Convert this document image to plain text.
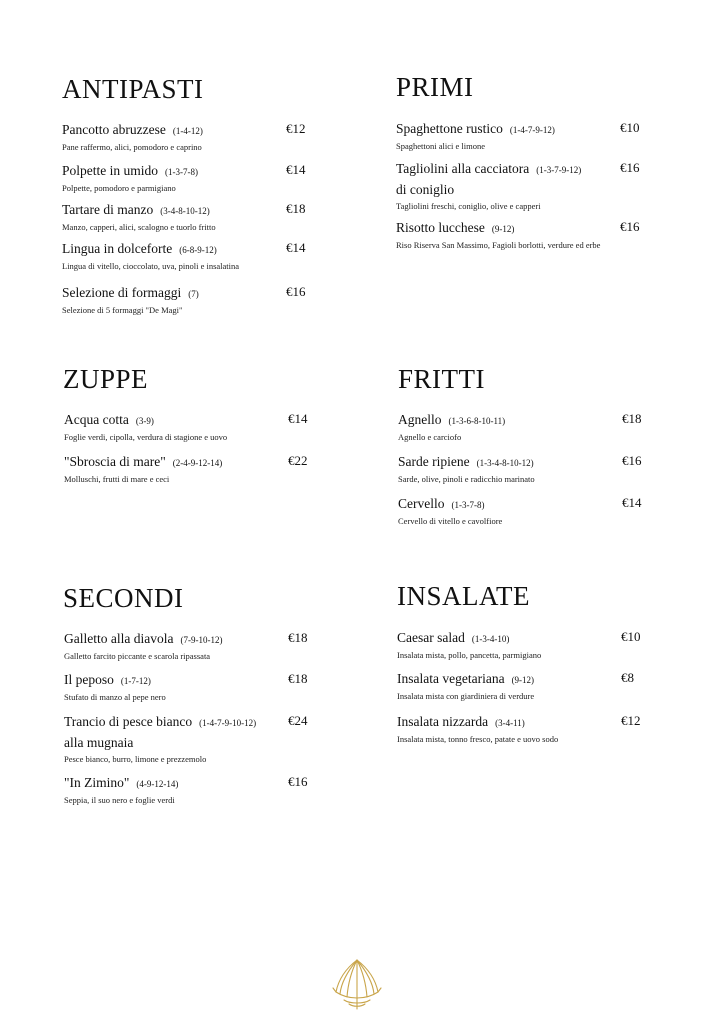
ANTIPASTI
Pancotto abruzzese (1-4-12)
Pane raffermo, alici, pomodoro e caprino
€12
Polpette in umido (1-3-7-8)
Polpette, pomodoro e parmigiano
€14
Tartare di manzo (3-4-8-10-12)
Manzo, capperi, alici, scalogno e tuorlo fritto
€18
Lingua in dolceforte (6-8-9-12)
Lingua di vitello, cioccolato, uva, pinoli e insalatina
€14
Selezione di formaggi (7)
Selezione di 5 formaggi "De Magi"
€16
PRIMI
Spaghettone rustico (1-4-7-9-12)
Spaghettoni alici e limone
€10
Tagliolini alla cacciatora (1-3-7-9-12)
di coniglio
Tagliolini freschi, coniglio, olive e capperi
€16
Risotto lucchese (9-12)
Riso Riserva San Massimo, Fagioli borlotti, verdure ed erbe
€16
ZUPPE
Acqua cotta (3-9)
Foglie verdi, cipolla, verdura di stagione e uovo
€14
"Sbroscia di mare" (2-4-9-12-14)
Molluschi, frutti di mare e ceci
€22
FRITTI
Agnello (1-3-6-8-10-11)
Agnello e carciofo
€18
Sarde ripiene (1-3-4-8-10-12)
Sarde, olive, pinoli e radicchio marinato
€16
Cervello (1-3-7-8)
Cervello di vitello e cavolfiore
€14
SECONDI
Galletto alla diavola (7-9-10-12)
Galletto farcito piccante e scarola ripassata
€18
Il peposo (1-7-12)
Stufato di manzo al pepe nero
€18
Trancio di pesce bianco (1-4-7-9-10-12)
alla mugnaia
Pesce bianco, burro, limone e prezzemolo
€24
"In Zimino" (4-9-12-14)
Seppia, il suo nero e foglie verdi
€16
INSALATE
Caesar salad (1-3-4-10)
Insalata mista, pollo, pancetta, parmigiano
€10
Insalata vegetariana (9-12)
Insalata mista con giardiniera di verdure
€8
Insalata nizzarda (3-4-11)
Insalata mista, tonno fresco, patate e uovo sodo
€12
